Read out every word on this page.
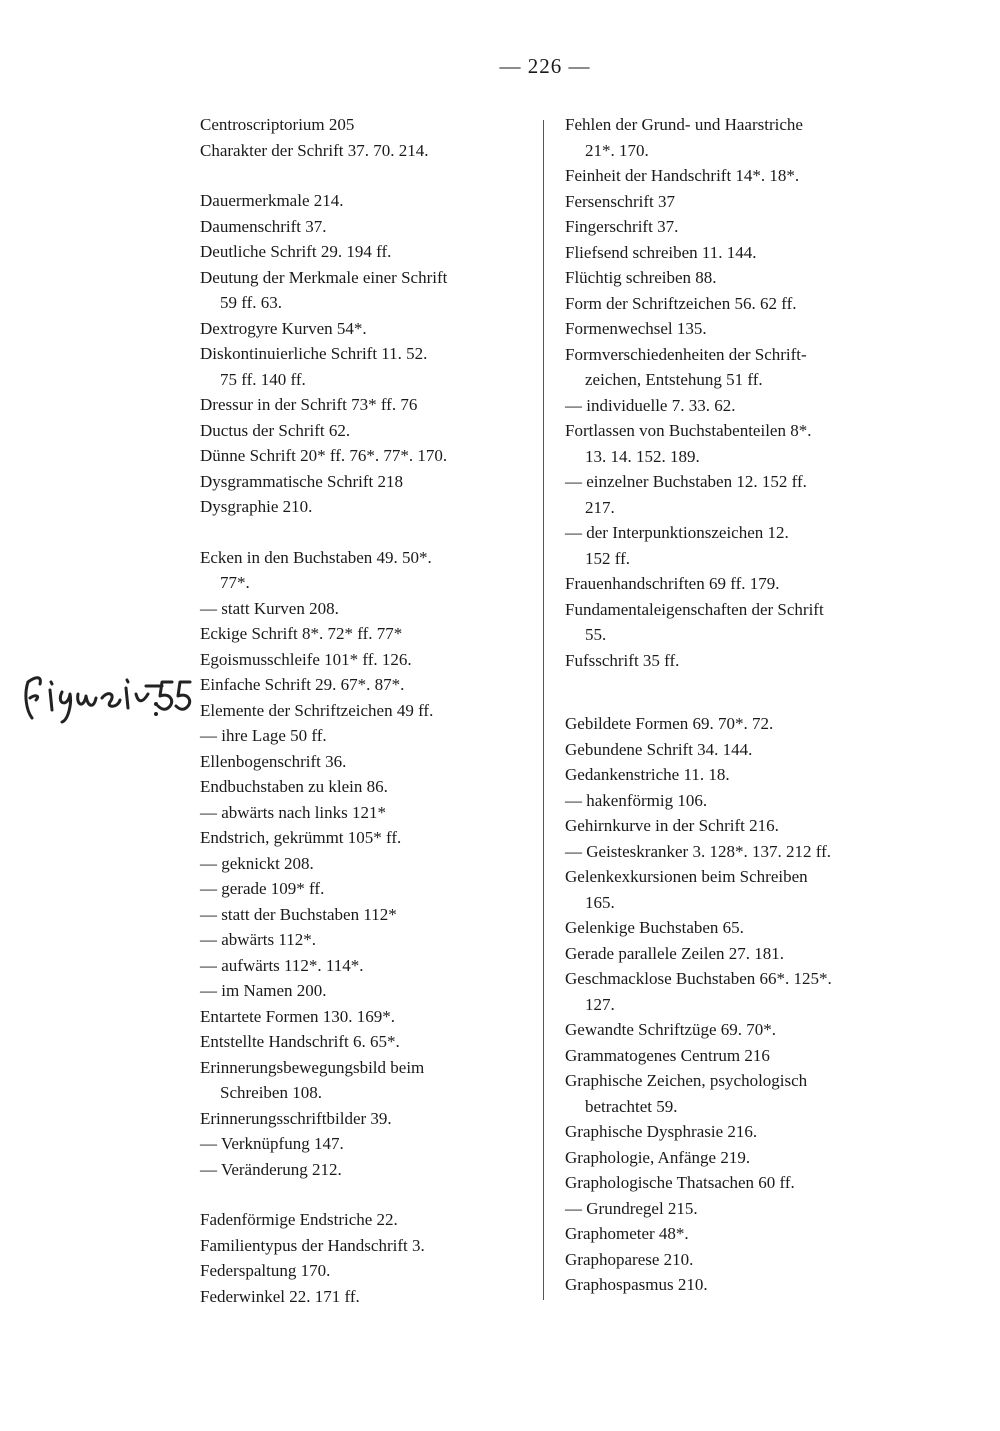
— 226 —
Centroscriptorium 205
Charakter der Schrift 37. 70. 214.
Dauermerkmale 214.
Daumenschrift 37.
Deutliche Schrift 29. 194 ff.
Deutung der Merkmale einer Schrift
59 ff. 63.
Dextrogyre Kurven 54*.
Diskontinuierliche Schrift 11. 52.
75 ff. 140 ff.
Dressur in der Schrift 73* ff. 76
Ductus der Schrift 62.
Dünne Schrift 20* ff. 76*. 77*. 170.
Dysgrammatische Schrift 218
Dysgraphie 210.
Ecken in den Buchstaben 49. 50*.
77*.
— statt Kurven 208.
Eckige Schrift 8*. 72* ff. 77*
Egoismusschleife 101* ff. 126.
Einfache Schrift 29. 67*. 87*.
Elemente der Schriftzeichen 49 ff.
— ihre Lage 50 ff.
Ellenbogenschrift 36.
Endbuchstaben zu klein 86.
— abwärts nach links 121*
Endstrich, gekrümmt 105* ff.
— geknickt 208.
— gerade 109* ff.
— statt der Buchstaben 112*
— abwärts 112*.
— aufwärts 112*. 114*.
— im Namen 200.
Entartete Formen 130. 169*.
Entstellte Handschrift 6. 65*.
Erinnerungsbewegungsbild beim
Schreiben 108.
Erinnerungsschriftbilder 39.
— Verknüpfung 147.
— Veränderung 212.
Fadenförmige Endstriche 22.
Familientypus der Handschrift 3.
Federspaltung 170.
Federwinkel 22. 171 ff.
Fehlen der Grund- und Haarstriche
21*. 170.
Feinheit der Handschrift 14*. 18*.
Fersenschrift 37
Fingerschrift 37.
Fliefsend schreiben 11. 144.
Flüchtig schreiben 88.
Form der Schriftzeichen 56. 62 ff.
Formenwechsel 135.
Formverschiedenheiten der Schrift-
zeichen, Entstehung 51 ff.
— individuelle 7. 33. 62.
Fortlassen von Buchstabenteilen 8*.
13. 14. 152. 189.
— einzelner Buchstaben 12. 152 ff.
217.
— der Interpunktionszeichen 12.
152 ff.
Frauenhandschriften 69 ff. 179.
Fundamentaleigenschaften der Schrift
55.
Fufsschrift 35 ff.
Gebildete Formen 69. 70*. 72.
Gebundene Schrift 34. 144.
Gedankenstriche 11. 18.
— hakenförmig 106.
Gehirnkurve in der Schrift 216.
— Geisteskranker 3. 128*. 137. 212 ff.
Gelenkexkursionen beim Schreiben
165.
Gelenkige Buchstaben 65.
Gerade parallele Zeilen 27. 181.
Geschmacklose Buchstaben 66*. 125*.
127.
Gewandte Schriftzüge 69. 70*.
Grammatogenes Centrum 216
Graphische Zeichen, psychologisch
betrachtet 59.
Graphische Dysphrasie 216.
Graphologie, Anfänge 219.
Graphologische Thatsachen 60 ff.
— Grundregel 215.
Graphometer 48*.
Graphoparese 210.
Graphospasmus 210.
